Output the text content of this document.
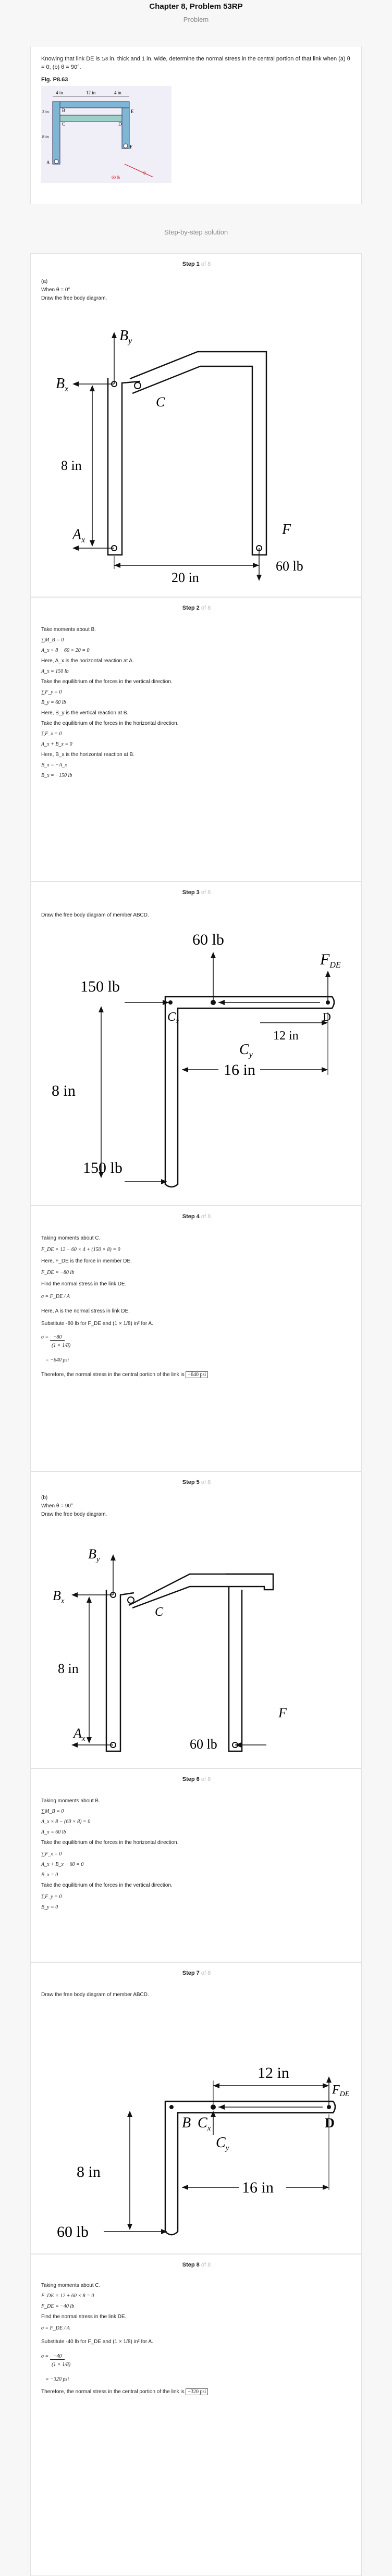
Chapter 8, Problem 53RP
Problem
Knowing that link DE is 1/8 in. thick and 1 in. wide, determine the normal stress in the central portion of that link when (a) θ = 0; (b) θ = 90°.
Fig. P8.63
4 in	12 in	4 in
2 in
8 in
D
E
C
B
A
F
60 lb
θ
Step-by-step solution
Step 1 of 8
(a)
When θ = 0°
Draw the free body diagram.
$B_y$
$B_x$
C
8 in
$A_x$
F
20 in
60 lb
Step 2 of 8
Take moments about B.
∑M_B = 0
A_x × 8 − 60 × 20 = 0
Here, A_x is the horizontal reaction at A.
A_x = 150 lb
Take the equilibrium of the forces in the vertical direction.
∑F_y = 0
B_y = 60 lb
Here, B_y is the vertical reaction at B.
Take the equilibrium of the forces in the horizontal direction.
∑F_x = 0
A_x + B_x = 0
Here, B_x is the horizontal reaction at B.
B_x = −A_x
B_x = −150 lb
Step 3 of 8
Draw the free body diagram of member ABCD.
60 lb
$F_{DE}$
150 lb
$C_x$	D
12 in
$C_y$
16 in
8 in
150 lb
Step 4 of 8
Taking moments about C.
F_DE × 12 − 60 × 4 + (150 × 8) = 0
Here, F_DE is the force in member DE.
F_DE = −80 lb
Find the normal stress in the link DE.
σ = F_DE / A
Here, A is the normal stress in link DE.
Substitute -80 lb for F_DE and (1 × 1/8) in² for A.
σ = −80
(1 × 1/8)
= −640 psi
Therefore, the normal stress in the central portion of the link is −640 psi
Step 5 of 8
(b)
When θ = 90°
Draw the free body diagram.
$B_y$
$B_x$
C
8 in
$A_x$	60 lb
F
Step 6 of 8
Taking moments about B.
∑M_B = 0
A_x × 8 − (60 × 8) = 0
A_x = 60 lb
Take the equilibrium of the forces in the horizontal direction.
∑F_x = 0
A_x + B_x − 60 = 0
B_x = 0
Take the equilibrium of the forces in the vertical direction.
∑F_y = 0
B_y = 0
Step 7 of 8
Draw the free body diagram of member ABCD.
12 in
$F_{DE}$
B $C_x$	D
$C_y$
8 in
16 in
60 lb
Step 8 of 8
Taking moments about C.
F_DE × 12 + 60 × 8 = 0
F_DE = −40 lb
Find the normal stress in the link DE.
σ = F_DE / A
Substitute -40 lb for F_DE and (1 × 1/8) in² for A.
σ = −40
(1 × 1/8)
= −320 psi
Therefore, the normal stress in the central portion of the link is −320 psi
